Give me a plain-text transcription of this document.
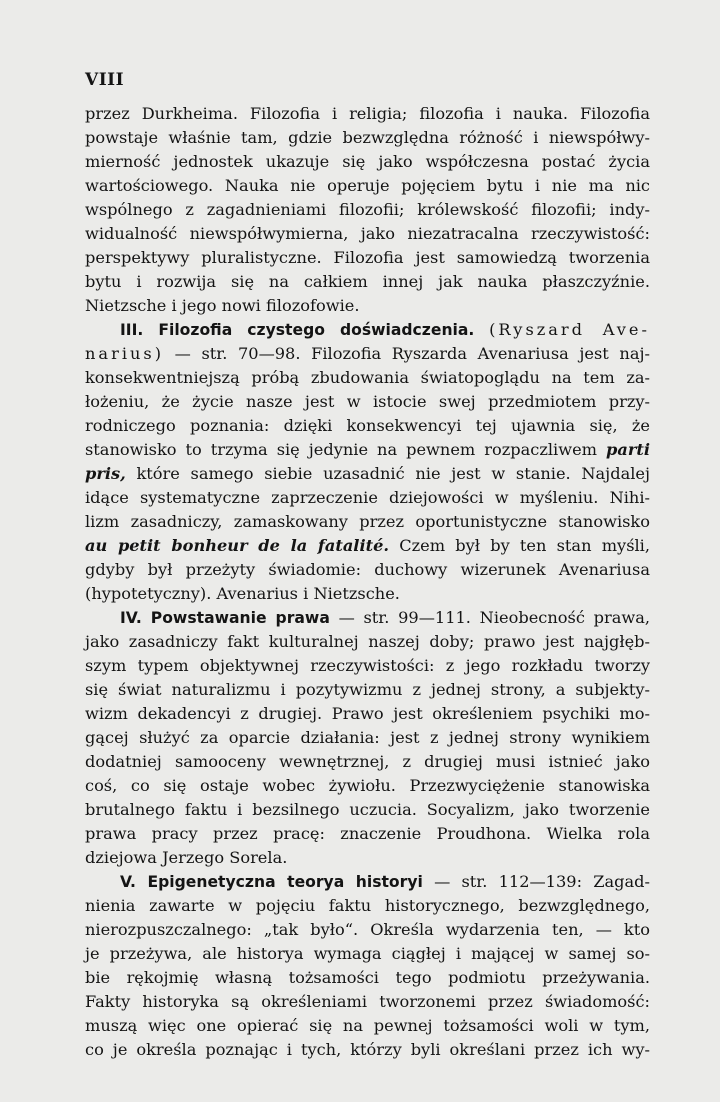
VIII
przez Durkheima. Filozofia i religia; filozofia i nauka. Filozofia
powstaje właśnie tam, gdzie bezwzględna różność i niewspółwy-
mierność jednostek ukazuje się jako współczesna postać życia
wartościowego. Nauka nie operuje pojęciem bytu i nie ma nic
wspólnego z zagadnieniami filozofii; królewskość filozofii; indy-
widualność niewspółwymierna, jako niezatracalna rzeczywistość:
perspektywy pluralistyczne. Filozofia jest samowiedzą tworzenia
bytu i rozwija się na całkiem innej jak nauka płaszczyźnie.
Nietzsche i jego nowi filozofowie.
III. Filozofia czystego doświadczenia. (Ryszard Ave-
narius) — str. 70—98. Filozofia Ryszarda Avenariusa jest naj-
konsekwentniejszą próbą zbudowania światopoglądu na tem za-
łożeniu, że życie nasze jest w istocie swej przedmiotem przy-
rodniczego poznania: dzięki konsekwencyi tej ujawnia się, że
stanowisko to trzyma się jedynie na pewnem rozpaczliwem parti
pris, które samego siebie uzasadnić nie jest w stanie. Najdalej
idące systematyczne zaprzeczenie dziejowości w myśleniu. Nihi-
lizm zasadniczy, zamaskowany przez oportunistyczne stanowisko
au petit bonheur de la fatalité. Czem był by ten stan myśli,
gdyby był przeżyty świadomie: duchowy wizerunek Avenariusa
(hypotetyczny). Avenarius i Nietzsche.
IV. Powstawanie prawa — str. 99—111. Nieobecność prawa,
jako zasadniczy fakt kulturalnej naszej doby; prawo jest najgłęb-
szym typem objektywnej rzeczywistości: z jego rozkładu tworzy
się świat naturalizmu i pozytywizmu z jednej strony, a subjekty-
wizm dekadencyi z drugiej. Prawo jest określeniem psychiki mo-
gącej służyć za oparcie działania: jest z jednej strony wynikiem
dodatniej samooceny wewnętrznej, z drugiej musi istnieć jako
coś, co się ostaje wobec żywiołu. Przezwyciężenie stanowiska
brutalnego faktu i bezsilnego uczucia. Socyalizm, jako tworzenie
prawa pracy przez pracę: znaczenie Proudhona. Wielka rola
dziejowa Jerzego Sorela.
V. Epigenetyczna teorya historyi — str. 112—139: Zagad-
nienia zawarte w pojęciu faktu historycznego, bezwzględnego,
nierozpuszczalnego: „tak było“. Określa wydarzenia ten, — kto
je przeżywa, ale historya wymaga ciągłej i mającej w samej so-
bie rękojmię własną tożsamości tego podmiotu przeżywania.
Fakty historyka są określeniami tworzonemi przez świadomość:
muszą więc one opierać się na pewnej tożsamości woli w tym,
co je określa poznając i tych, którzy byli określani przez ich wy-
